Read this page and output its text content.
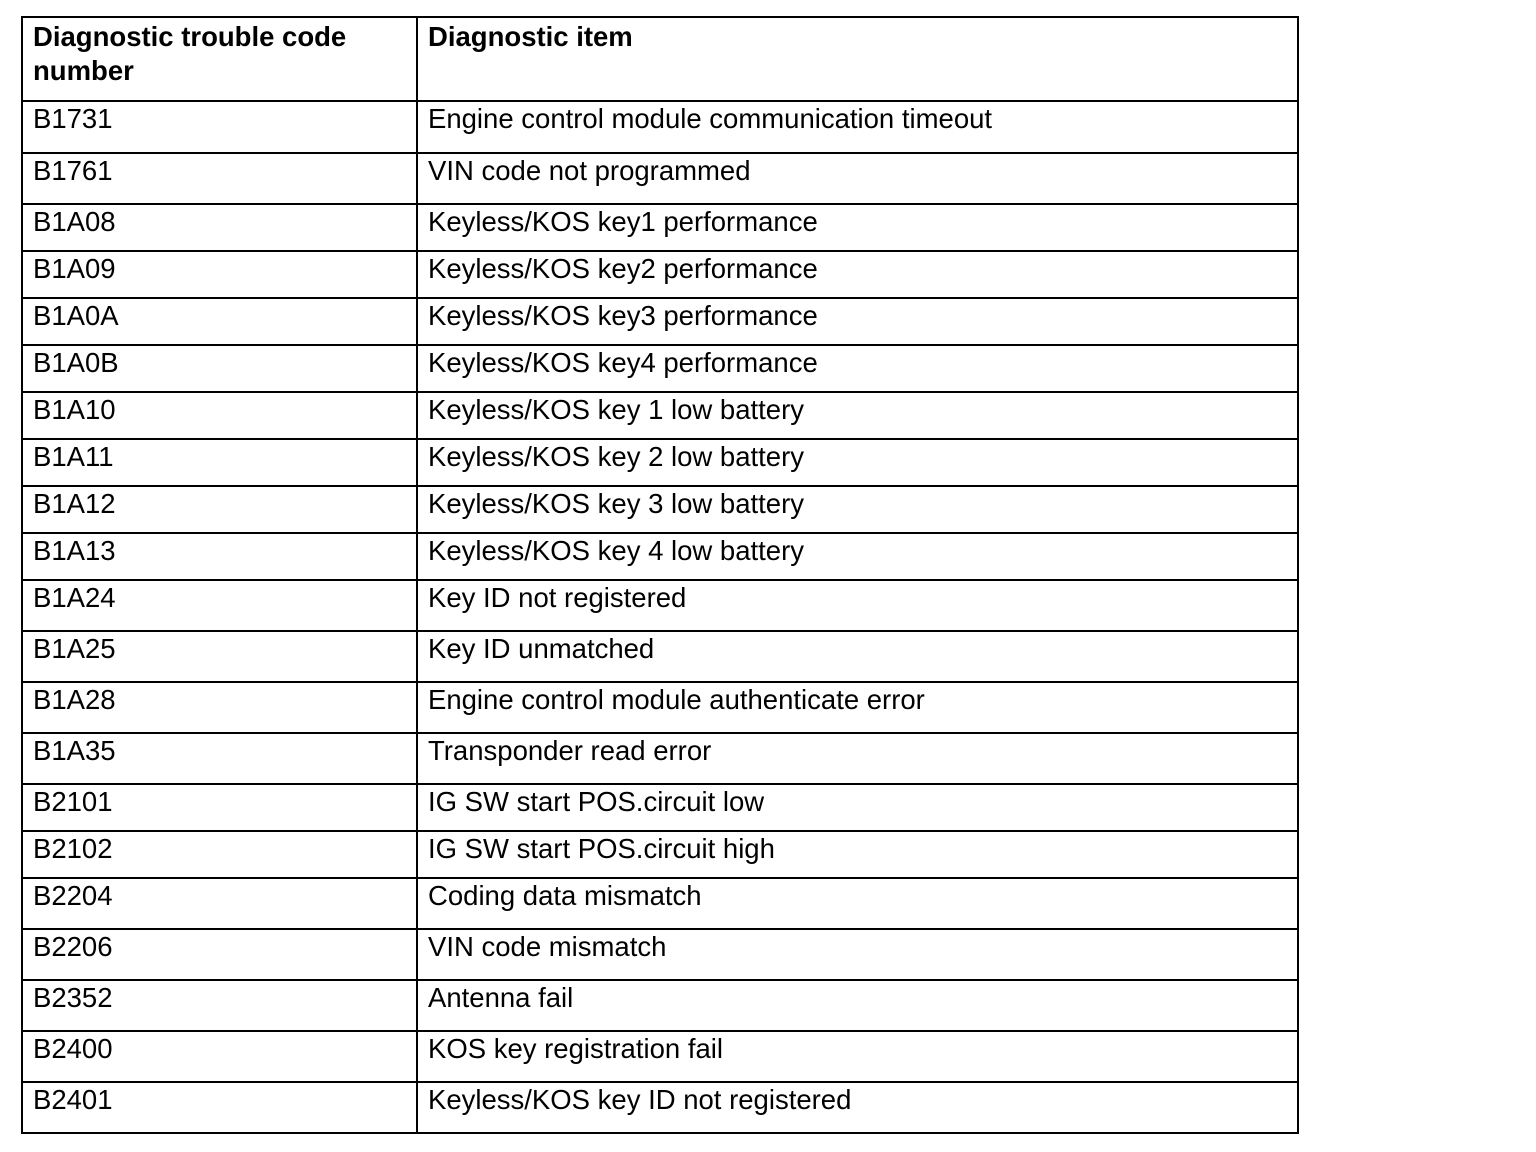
Diagnostic trouble code number	Diagnostic item
B1731	Engine control module communication timeout
B1761	VIN code not programmed
B1A08	Keyless/KOS key1 performance
B1A09	Keyless/KOS key2 performance
B1A0A	Keyless/KOS key3 performance
B1A0B	Keyless/KOS key4 performance
B1A10	Keyless/KOS key 1 low battery
B1A11	Keyless/KOS key 2 low battery
B1A12	Keyless/KOS key 3 low battery
B1A13	Keyless/KOS key 4 low battery
B1A24	Key ID not registered
B1A25	Key ID unmatched
B1A28	Engine control module authenticate error
B1A35	Transponder read error
B2101	IG SW start POS.circuit low
B2102	IG SW start POS.circuit high
B2204	Coding data mismatch
B2206	VIN code mismatch
B2352	Antenna fail
B2400	KOS key registration fail
B2401	Keyless/KOS key ID not registered
